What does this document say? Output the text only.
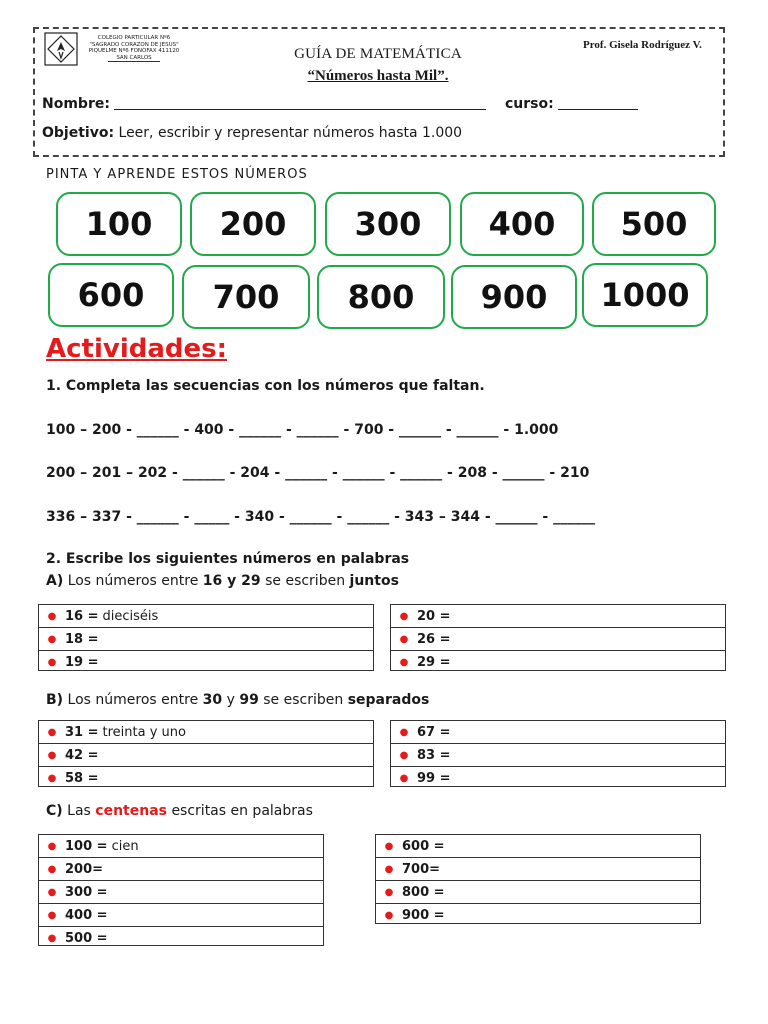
COLEGIO PARTICULAR Nº6
"SAGRADO CORAZON DE JESUS"
PIQUELME Nº6 FONOFAX 411120
SAN CARLOS	GUÍA DE MATEMÁTICA
“Números hasta Mil”.
Prof. Gisela Rodríguez V.
Nombre:	curso:
Objetivo: Leer, escribir y representar números hasta 1.000
PINTA Y APRENDE ESTOS NÚMEROS
100	200	300	400	500
600	700	800	900	1000
Actividades:
1. Completa las secuencias con los números que faltan.
100 – 200 - ______ - 400 - ______ - ______ - 700 - ______ - ______ - 1.000
200 – 201 – 202 - ______ - 204 - ______ - ______ - ______ - 208 - ______ - 210
336 – 337 - ______ - _____ - 340 - ______ - ______ - 343 – 344 - ______ - ______
2. Escribe los siguientes números en palabras
A) Los números entre 16 y 29 se escriben juntos
● 16 = dieciséis
● 18 =
● 19 =
● 20 =
● 26 =
● 29 =
B) Los números entre 30 y 99 se escriben separados
● 31 = treinta y uno
● 42 =
● 58 =
● 67 =
● 83 =
● 99 =
C) Las centenas escritas en palabras
● 100 = cien
● 200=
● 300 =
● 400 =
● 500 =
● 600 =
● 700=
● 800 =
● 900 =
